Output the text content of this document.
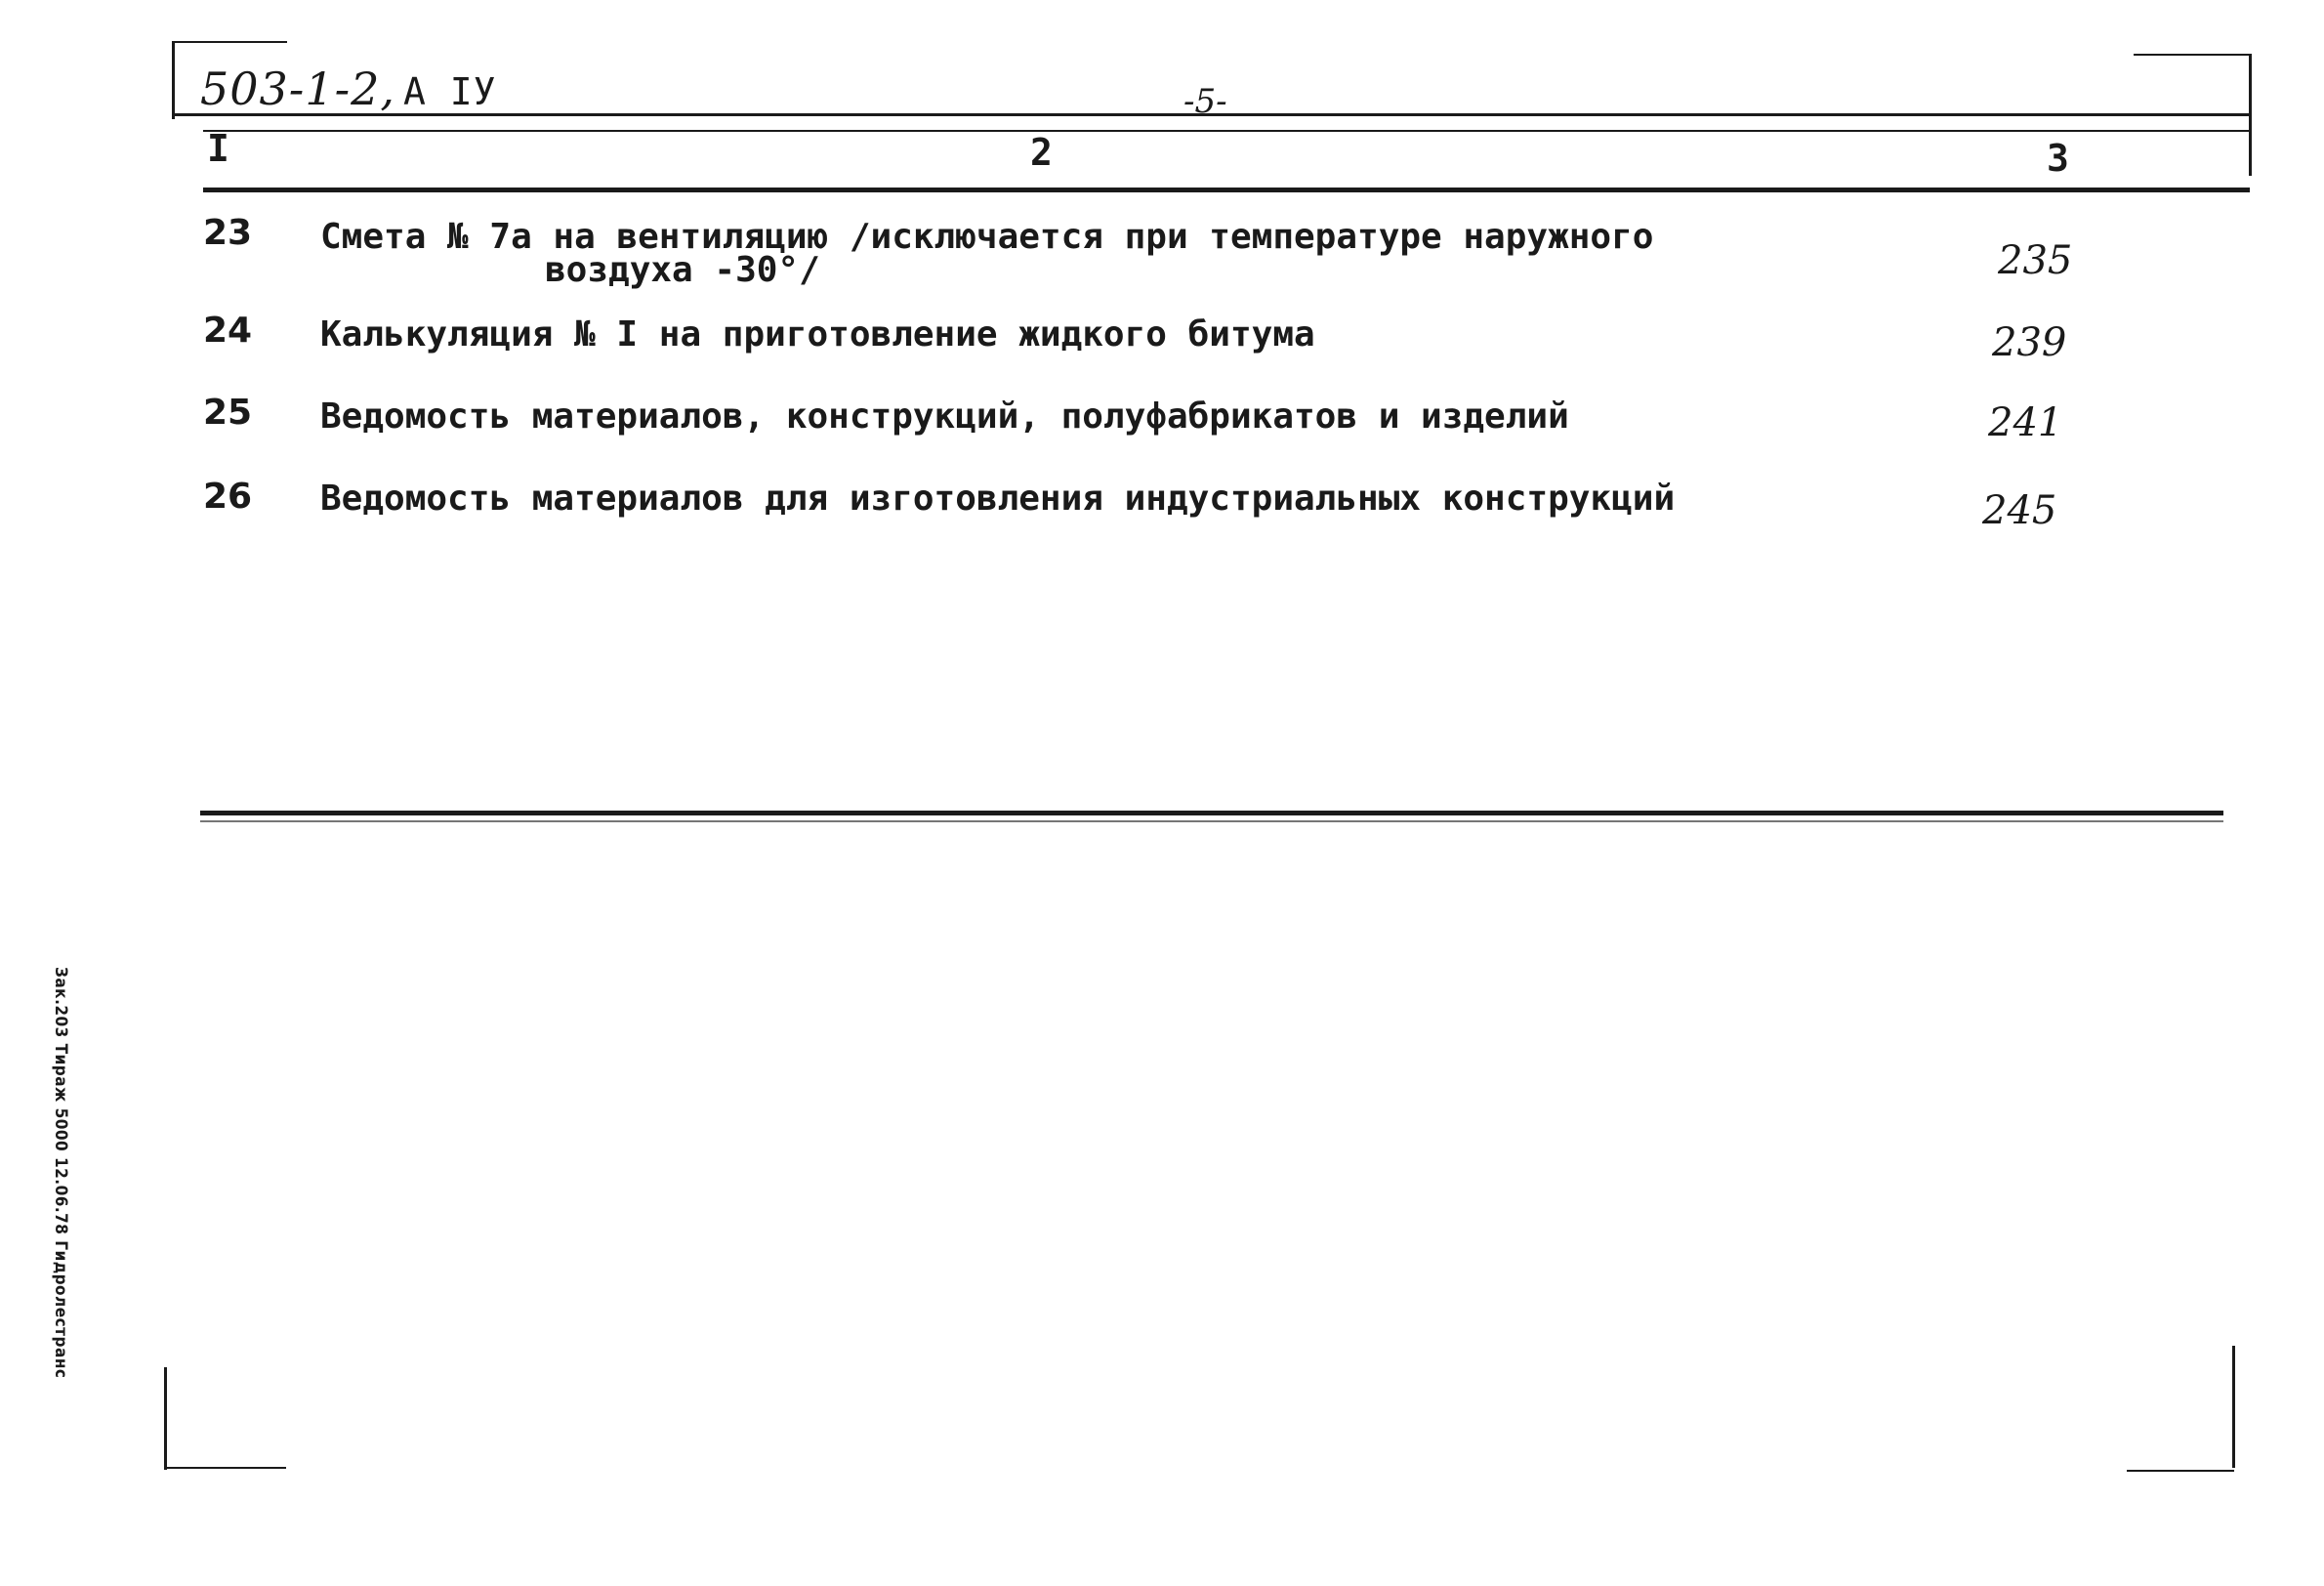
503-1-2, А IУ	-5-
I	2	3
23 Смета № 7а на вентиляцию /исключается при температуре наружного
воздуха -30°/	235
24 Калькуляция № I на приготовление жидкого битума	239
25 Ведомость материалов, конструкций, полуфабрикатов и изделий	241
26 Ведомость материалов для изготовления индустриальных конструкций	245
Зак.203 Тираж 5000 12.06.78 Гидролестранс
